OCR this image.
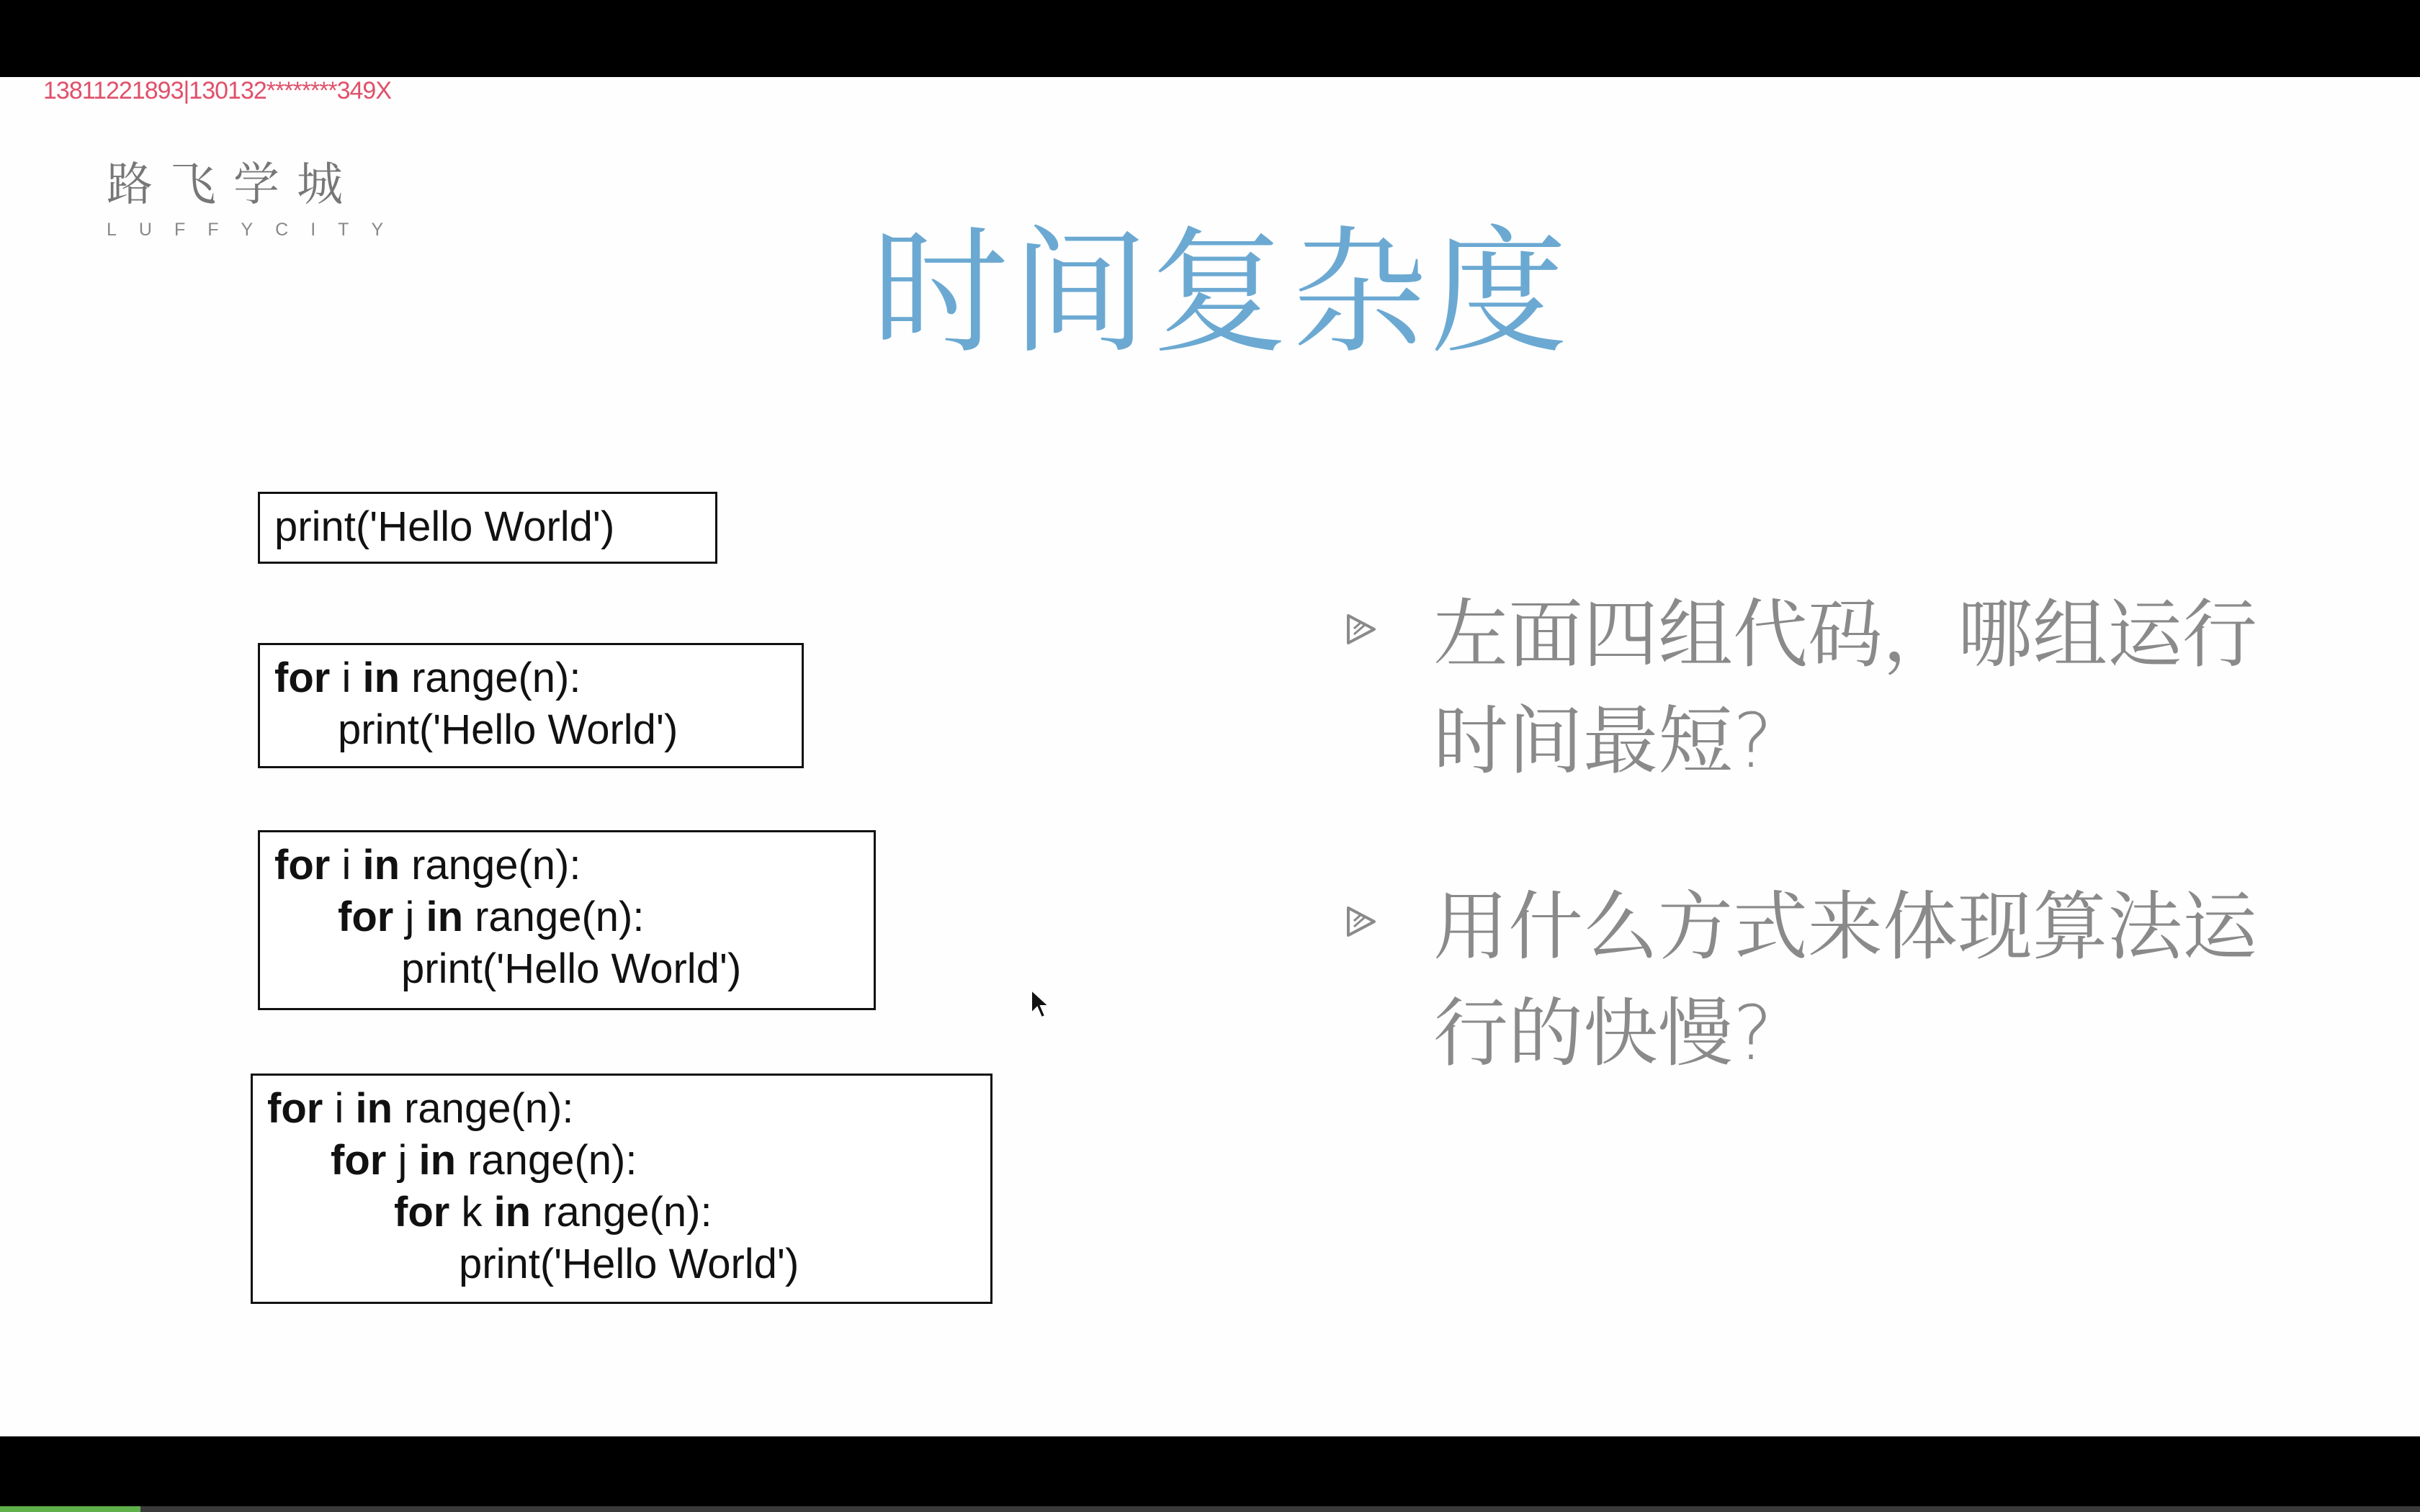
13811221893|130132********349X
路飞学城
LUFFYCITY	时间复杂度
print('Hello World')
for i in range(n):
print('Hello World')
for i in range(n):
for j in range(n):
print('Hello World')
for i in range(n):
for j in range(n):
for k in range(n):
print('Hello World')
左面四组代码，哪组运行时间最短?
用什么方式来体现算法运行的快慢?
